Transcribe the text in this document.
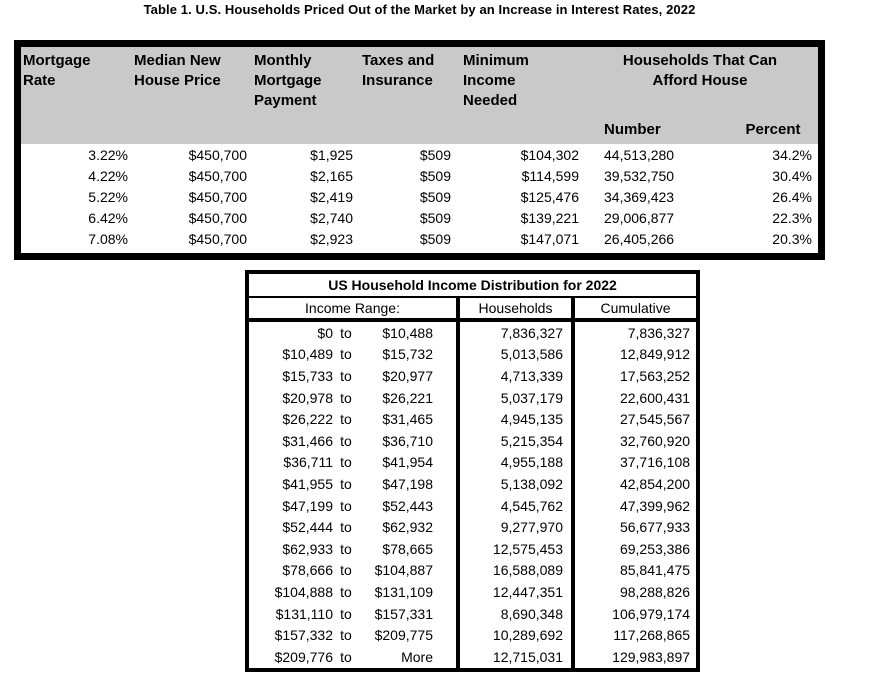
Table 1. U.S. Households Priced Out of the Market by an Increase in Interest Rates, 2022
Mortgage Rate	Median New House Price	Monthly Mortgage Payment	Taxes and Insurance	Minimum Income Needed	Households That Can Afford House	

					Number	Percent
3.22%	$450,700	$1,925	$509	$104,302	44,513,280	34.2%
4.22%	$450,700	$2,165	$509	$114,599	39,532,750	30.4%
5.22%	$450,700	$2,419	$509	$125,476	34,369,423	26.4%
6.42%	$450,700	$2,740	$509	$139,221	29,006,877	22.3%
7.08%	$450,700	$2,923	$509	$147,071	26,405,266	20.3%
US Household Income Distribution for 2022		
Income Range:	Households	Cumulative

$0 to $10,488	7,836,327	7,836,327

$10,489 to $15,732	5,013,586	12,849,912

$15,733 to $20,977	4,713,339	17,563,252

$20,978 to $26,221	5,037,179	22,600,431

$26,222 to $31,465	4,945,135	27,545,567

$31,466 to $36,710	5,215,354	32,760,920

$36,711 to $41,954	4,955,188	37,716,108

$41,955 to $47,198	5,138,092	42,854,200

$47,199 to $52,443	4,545,762	47,399,962

$52,444 to $62,932	9,277,970	56,677,933

$62,933 to $78,665	12,575,453	69,253,386

$78,666 to $104,887	16,588,089	85,841,475

$104,888 to $131,109	12,447,351	98,288,826

$131,110 to $157,331	8,690,348	106,979,174

$157,332 to $209,775	10,289,692	117,268,865

$209,776 to More	12,715,031	129,983,897
